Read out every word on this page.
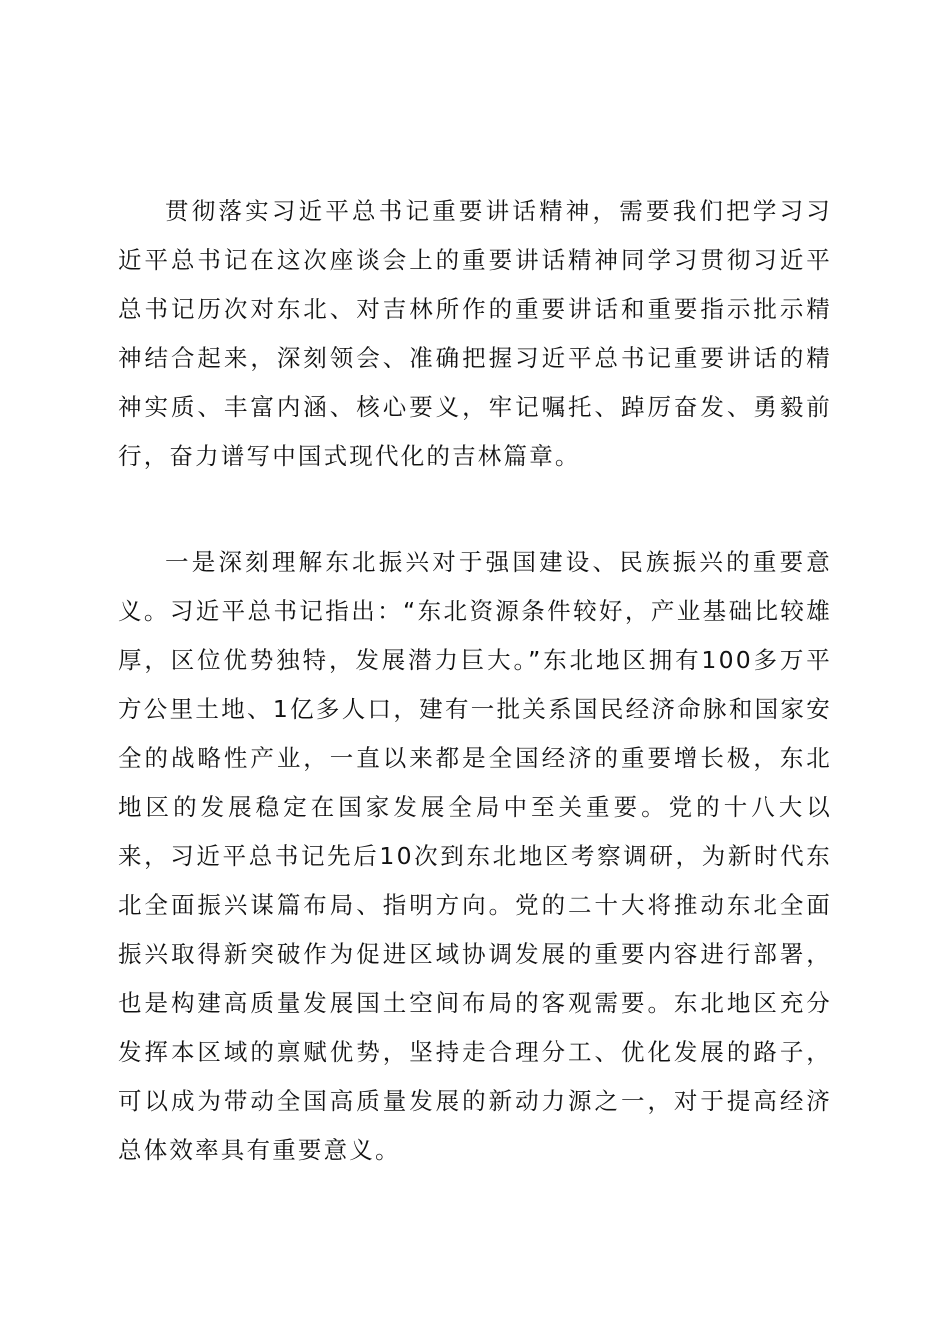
贯彻落实习近平总书记重要讲话精神，需要我们把学习习近平总书记在这次座谈会上的重要讲话精神同学习贯彻习近平总书记历次对东北、对吉林所作的重要讲话和重要指示批示精神结合起来，深刻领会、准确把握习近平总书记重要讲话的精神实质、丰富内涵、核心要义，牢记嘱托、踔厉奋发、勇毅前行，奋力谱写中国式现代化的吉林篇章。

一是深刻理解东北振兴对于强国建设、民族振兴的重要意义。习近平总书记指出：“东北资源条件较好，产业基础比较雄厚，区位优势独特，发展潜力巨大。”东北地区拥有100多万平方公里土地、1亿多人口，建有一批关系国民经济命脉和国家安全的战略性产业，一直以来都是全国经济的重要增长极，东北地区的发展稳定在国家发展全局中至关重要。党的十八大以来，习近平总书记先后10次到东北地区考察调研，为新时代东北全面振兴谋篇布局、指明方向。党的二十大将推动东北全面振兴取得新突破作为促进区域协调发展的重要内容进行部署，也是构建高质量发展国土空间布局的客观需要。东北地区充分发挥本区域的禀赋优势，坚持走合理分工、优化发展的路子，可以成为带动全国高质量发展的新动力源之一，对于提高经济总体效率具有重要意义。
